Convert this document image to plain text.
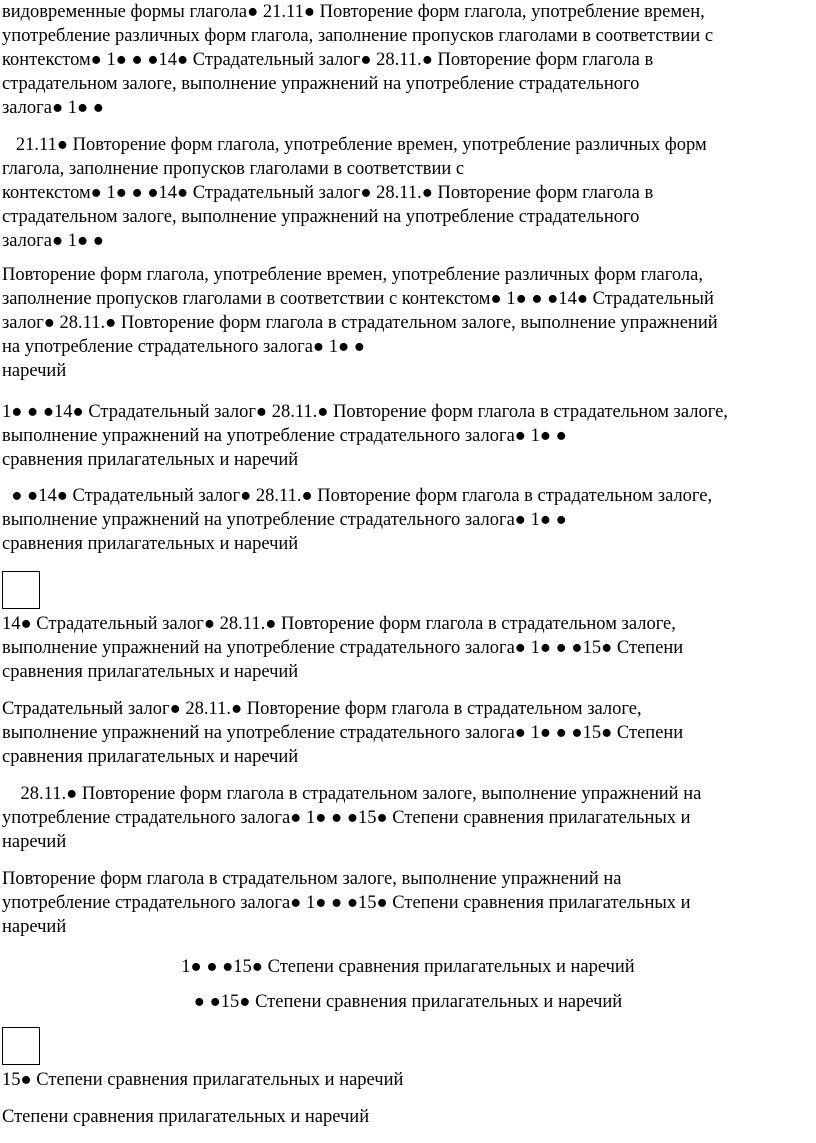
видовременные формы глагола● 21.11● Повторение форм глагола, употребление времен,
употребление различных форм глагола, заполнение пропусков глаголами в соответствии с
контекстом● 1● ● ●14● Страдательный залог● 28.11.● Повторение форм глагола в
страдательном залоге, выполнение упражнений на употребление страдательного
залога● 1● ●
21.11● Повторение форм глагола, употребление времен, употребление различных форм
глагола, заполнение пропусков глаголами в соответствии с
контекстом● 1● ● ●14● Страдательный залог● 28.11.● Повторение форм глагола в
страдательном залоге, выполнение упражнений на употребление страдательного
залога● 1● ●
Повторение форм глагола, употребление времен, употребление различных форм глагола,
заполнение пропусков глаголами в соответствии с контекстом● 1● ● ●14● Страдательный
залог● 28.11.● Повторение форм глагола в страдательном залоге, выполнение упражнений
на употребление страдательного залога● 1● ●
наречий
1● ● ●14● Страдательный залог● 28.11.● Повторение форм глагола в страдательном залоге,
выполнение упражнений на употребление страдательного залога● 1● ●
сравнения прилагательных и наречий
● ●14● Страдательный залог● 28.11.● Повторение форм глагола в страдательном залоге,
выполнение упражнений на употребление страдательного залога● 1● ●
сравнения прилагательных и наречий
14● Страдательный залог● 28.11.● Повторение форм глагола в страдательном залоге,
выполнение упражнений на употребление страдательного залога● 1● ● ●15● Степени
сравнения прилагательных и наречий
Страдательный залог● 28.11.● Повторение форм глагола в страдательном залоге,
выполнение упражнений на употребление страдательного залога● 1● ● ●15● Степени
сравнения прилагательных и наречий
28.11.● Повторение форм глагола в страдательном залоге, выполнение упражнений на
употребление страдательного залога● 1● ● ●15● Степени сравнения прилагательных и
наречий
Повторение форм глагола в страдательном залоге, выполнение упражнений на
употребление страдательного залога● 1● ● ●15● Степени сравнения прилагательных и
наречий
1● ● ●15● Степени сравнения прилагательных и наречий
● ●15● Степени сравнения прилагательных и наречий
15● Степени сравнения прилагательных и наречий
Степени сравнения прилагательных и наречий
